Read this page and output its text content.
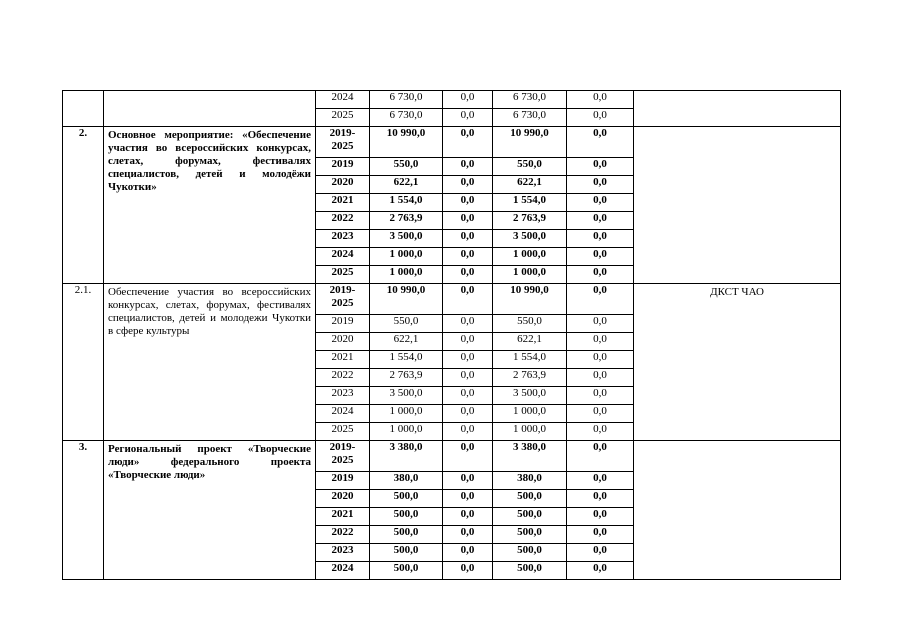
		2024	6 730,0	0,0	6 730,0	0,0	
		2025	6 730,0	0,0	6 730,0	0,0	
2.	Основное мероприятие: «Обеспечение участия во всероссийских конкурсах, слетах, форумах, фестивалях специалистов, детей и молодёжи Чукотки»	2019-2025	10 990,0	0,0	10 990,0	0,0	
		2019	550,0	0,0	550,0	0,0	
		2020	622,1	0,0	622,1	0,0	
		2021	1 554,0	0,0	1 554,0	0,0	
		2022	2 763,9	0,0	2 763,9	0,0	
		2023	3 500,0	0,0	3 500,0	0,0	
		2024	1 000,0	0,0	1 000,0	0,0	
		2025	1 000,0	0,0	1 000,0	0,0	
2.1.	Обеспечение участия во всероссийских конкурсах, слетах, форумах, фестивалях специалистов, детей и молодежи Чукотки в сфере культуры	2019-2025	10 990,0	0,0	10 990,0	0,0	ДКСТ ЧАО
		2019	550,0	0,0	550,0	0,0	
		2020	622,1	0,0	622,1	0,0	
		2021	1 554,0	0,0	1 554,0	0,0	
		2022	2 763,9	0,0	2 763,9	0,0	
		2023	3 500,0	0,0	3 500,0	0,0	
		2024	1 000,0	0,0	1 000,0	0,0	
		2025	1 000,0	0,0	1 000,0	0,0	
3.	Региональный проект «Творческие люди» федерального проекта «Творческие люди»	2019-2025	3 380,0	0,0	3 380,0	0,0	
		2019	380,0	0,0	380,0	0,0	
		2020	500,0	0,0	500,0	0,0	
		2021	500,0	0,0	500,0	0,0	
		2022	500,0	0,0	500,0	0,0	
		2023	500,0	0,0	500,0	0,0	
		2024	500,0	0,0	500,0	0,0	
